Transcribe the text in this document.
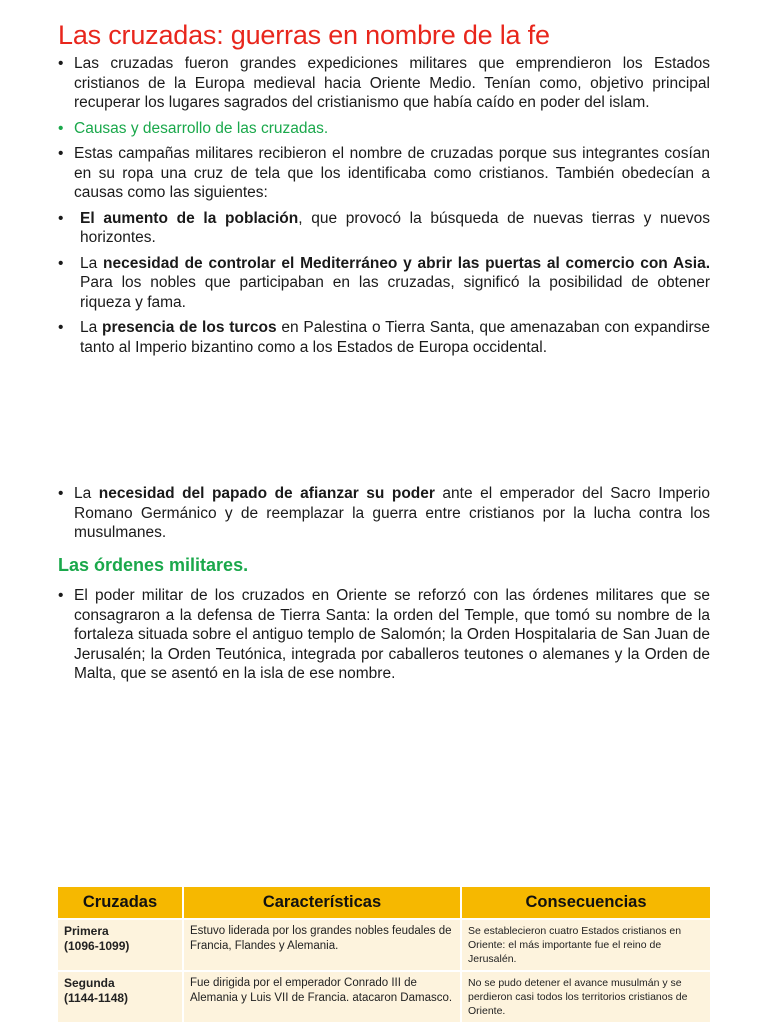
Las cruzadas: guerras en nombre de la fe

• Las cruzadas fueron grandes expediciones militares que emprendieron los Estados cristianos de la Europa medieval hacia Oriente Medio. Tenían como, objetivo principal recuperar los lugares sagrados del cristianismo que había caído en poder del islam.

• Causas y desarrollo de las cruzadas.

• Estas campañas militares recibieron el nombre de cruzadas porque sus integrantes cosían en su ropa una cruz de tela que los identificaba como cristianos. También obedecían a causas como las siguientes:

• El aumento de la población, que provocó la búsqueda de nuevas tierras y nuevos horizontes.

• La necesidad de controlar el Mediterráneo y abrir las puertas al comercio con Asia. Para los nobles que participaban en las cruzadas, significó la posibilidad de obtener riqueza y fama.

• La presencia de los turcos en Palestina o Tierra Santa, que amenazaban con expandirse tanto al Imperio bizantino como a los Estados de Europa occidental.

• La necesidad del papado de afianzar su poder ante el emperador del Sacro Imperio Romano Germánico y de reemplazar la guerra entre cristianos por la lucha contra los musulmanes.

Las órdenes militares.

• El poder militar de los cruzados en Oriente se reforzó con las órdenes militares que se consagraron a la defensa de Tierra Santa: la orden del Temple, que tomó su nombre de la fortaleza situada sobre el antiguo templo de Salomón; la Orden Hospitalaria de San Juan de Jerusalén; la Orden Teutónica, integrada por caballeros teutones o alemanes y la Orden de Malta, que se asentó en la isla de ese nombre.

Cruzadas	Características	Consecuencias

Primera
(1096-1099)	Estuvo liderada por los grandes nobles feudales de Francia, Flandes y Alemania.	Se establecieron cuatro Estados cristianos en Oriente: el más importante fue el reino de Jerusalén.

Segunda
(1144-1148)	Fue dirigida por el emperador Conrado III de Alemania y Luis VII de Francia. atacaron Damasco.	No se pudo detener el avance musulmán y se perdieron casi todos los territorios cristianos de Oriente.
